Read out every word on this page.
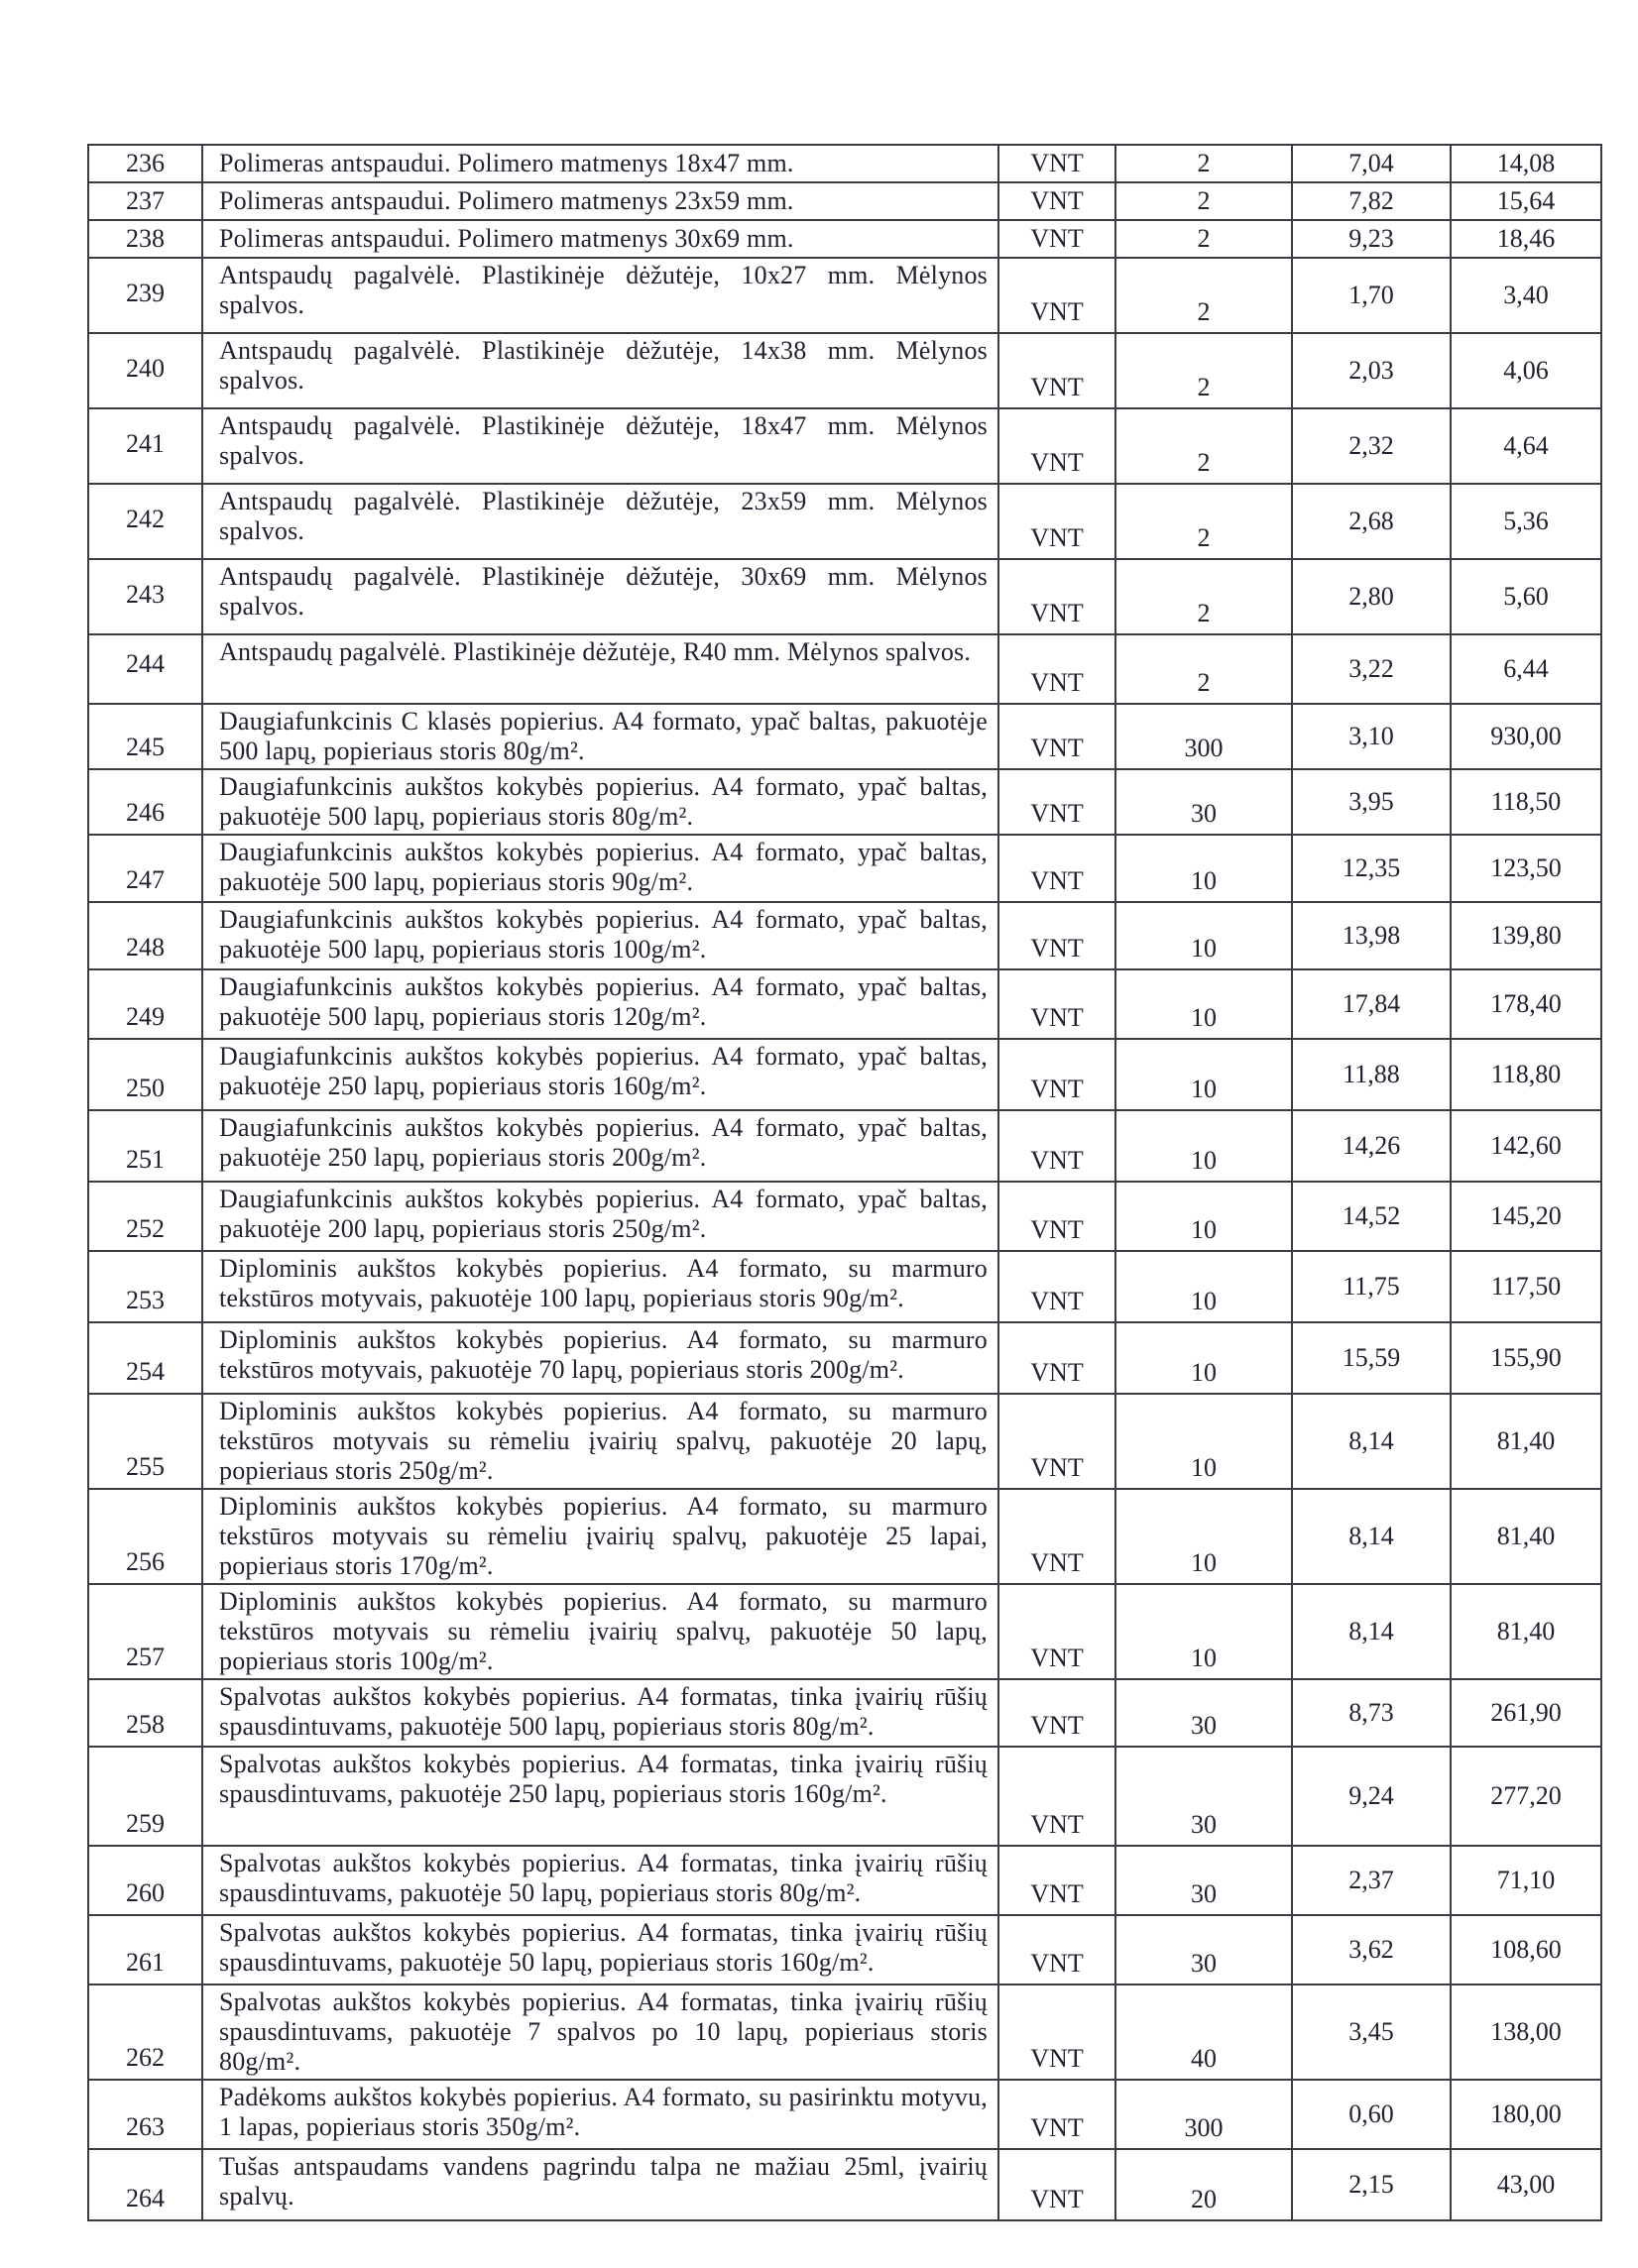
236	Polimeras antspaudui. Polimero matmenys 18x47 mm.	VNT	2	7,04	14,08
237	Polimeras antspaudui. Polimero matmenys 23x59 mm.	VNT	2	7,82	15,64
238	Polimeras antspaudui. Polimero matmenys 30x69 mm.	VNT	2	9,23	18,46
239	Antspaudų pagalvėlė. Plastikinėje dėžutėje, 10x27 mm. Mėlynos spalvos.	VNT	2	1,70	3,40
240	Antspaudų pagalvėlė. Plastikinėje dėžutėje, 14x38 mm. Mėlynos spalvos.	VNT	2	2,03	4,06
241	Antspaudų pagalvėlė. Plastikinėje dėžutėje, 18x47 mm. Mėlynos spalvos.	VNT	2	2,32	4,64
242	Antspaudų pagalvėlė. Plastikinėje dėžutėje, 23x59 mm. Mėlynos spalvos.	VNT	2	2,68	5,36
243	Antspaudų pagalvėlė. Plastikinėje dėžutėje, 30x69 mm. Mėlynos spalvos.	VNT	2	2,80	5,60
244	Antspaudų pagalvėlė. Plastikinėje dėžutėje, R40 mm. Mėlynos spalvos.	VNT	2	3,22	6,44
245	Daugiafunkcinis C klasės popierius. A4 formato, ypač baltas, pakuotėje 500 lapų, popieriaus storis 80g/m².	VNT	300	3,10	930,00
246	Daugiafunkcinis aukštos kokybės popierius. A4 formato, ypač baltas, pakuotėje 500 lapų, popieriaus storis 80g/m².	VNT	30	3,95	118,50
247	Daugiafunkcinis aukštos kokybės popierius. A4 formato, ypač baltas, pakuotėje 500 lapų, popieriaus storis 90g/m².	VNT	10	12,35	123,50
248	Daugiafunkcinis aukštos kokybės popierius. A4 formato, ypač baltas, pakuotėje 500 lapų, popieriaus storis 100g/m².	VNT	10	13,98	139,80
249	Daugiafunkcinis aukštos kokybės popierius. A4 formato, ypač baltas, pakuotėje 500 lapų, popieriaus storis 120g/m².	VNT	10	17,84	178,40
250	Daugiafunkcinis aukštos kokybės popierius. A4 formato, ypač baltas, pakuotėje 250 lapų, popieriaus storis 160g/m².	VNT	10	11,88	118,80
251	Daugiafunkcinis aukštos kokybės popierius. A4 formato, ypač baltas, pakuotėje 250 lapų, popieriaus storis 200g/m².	VNT	10	14,26	142,60
252	Daugiafunkcinis aukštos kokybės popierius. A4 formato, ypač baltas, pakuotėje 200 lapų, popieriaus storis 250g/m².	VNT	10	14,52	145,20
253	Diplominis aukštos kokybės popierius. A4 formato, su marmuro tekstūros motyvais, pakuotėje 100 lapų, popieriaus storis 90g/m².	VNT	10	11,75	117,50
254	Diplominis aukštos kokybės popierius. A4 formato, su marmuro tekstūros motyvais, pakuotėje 70 lapų, popieriaus storis 200g/m².	VNT	10	15,59	155,90
255	Diplominis aukštos kokybės popierius. A4 formato, su marmuro tekstūros motyvais su rėmeliu įvairių spalvų, pakuotėje 20 lapų, popieriaus storis 250g/m².	VNT	10	8,14	81,40
256	Diplominis aukštos kokybės popierius. A4 formato, su marmuro tekstūros motyvais su rėmeliu įvairių spalvų, pakuotėje 25 lapai, popieriaus storis 170g/m².	VNT	10	8,14	81,40
257	Diplominis aukštos kokybės popierius. A4 formato, su marmuro tekstūros motyvais su rėmeliu įvairių spalvų, pakuotėje 50 lapų, popieriaus storis 100g/m².	VNT	10	8,14	81,40
258	Spalvotas aukštos kokybės popierius. A4 formatas, tinka įvairių rūšių spausdintuvams, pakuotėje 500 lapų, popieriaus storis 80g/m².	VNT	30	8,73	261,90
259	Spalvotas aukštos kokybės popierius. A4 formatas, tinka įvairių rūšių spausdintuvams, pakuotėje 250 lapų, popieriaus storis 160g/m².	VNT	30	9,24	277,20
260	Spalvotas aukštos kokybės popierius. A4 formatas, tinka įvairių rūšių spausdintuvams, pakuotėje 50 lapų, popieriaus storis 80g/m².	VNT	30	2,37	71,10
261	Spalvotas aukštos kokybės popierius. A4 formatas, tinka įvairių rūšių spausdintuvams, pakuotėje 50 lapų, popieriaus storis 160g/m².	VNT	30	3,62	108,60
262	Spalvotas aukštos kokybės popierius. A4 formatas, tinka įvairių rūšių spausdintuvams, pakuotėje 7 spalvos po 10 lapų, popieriaus storis 80g/m².	VNT	40	3,45	138,00
263	Padėkoms aukštos kokybės popierius. A4 formato, su pasirinktu motyvu, 1 lapas, popieriaus storis 350g/m².	VNT	300	0,60	180,00
264	Tušas antspaudams vandens pagrindu talpa ne mažiau 25ml, įvairių spalvų.	VNT	20	2,15	43,00
